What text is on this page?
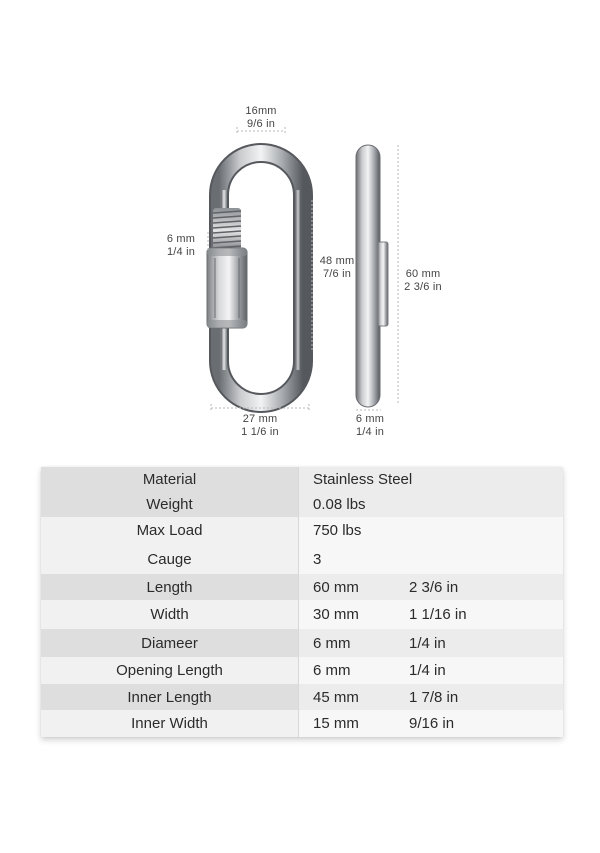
16mm
9/6 in
6 mm
1/4 in
48 mm
7/6 in	60 mm
2 3/6 in
27 mm
1 1/6 in
6 mm
1/4 in
Material	Stainless Steel
Weight	0.08 lbs
Max Load	750 lbs
Cauge	3
Length	60 mm	2 3/6 in
Width	30 mm	1 1/16 in
Diameer	6 mm	1/4 in
Opening Length	6 mm	1/4 in
Inner Length	45 mm	1 7/8 in
Inner Width	15 mm	9/16 in
